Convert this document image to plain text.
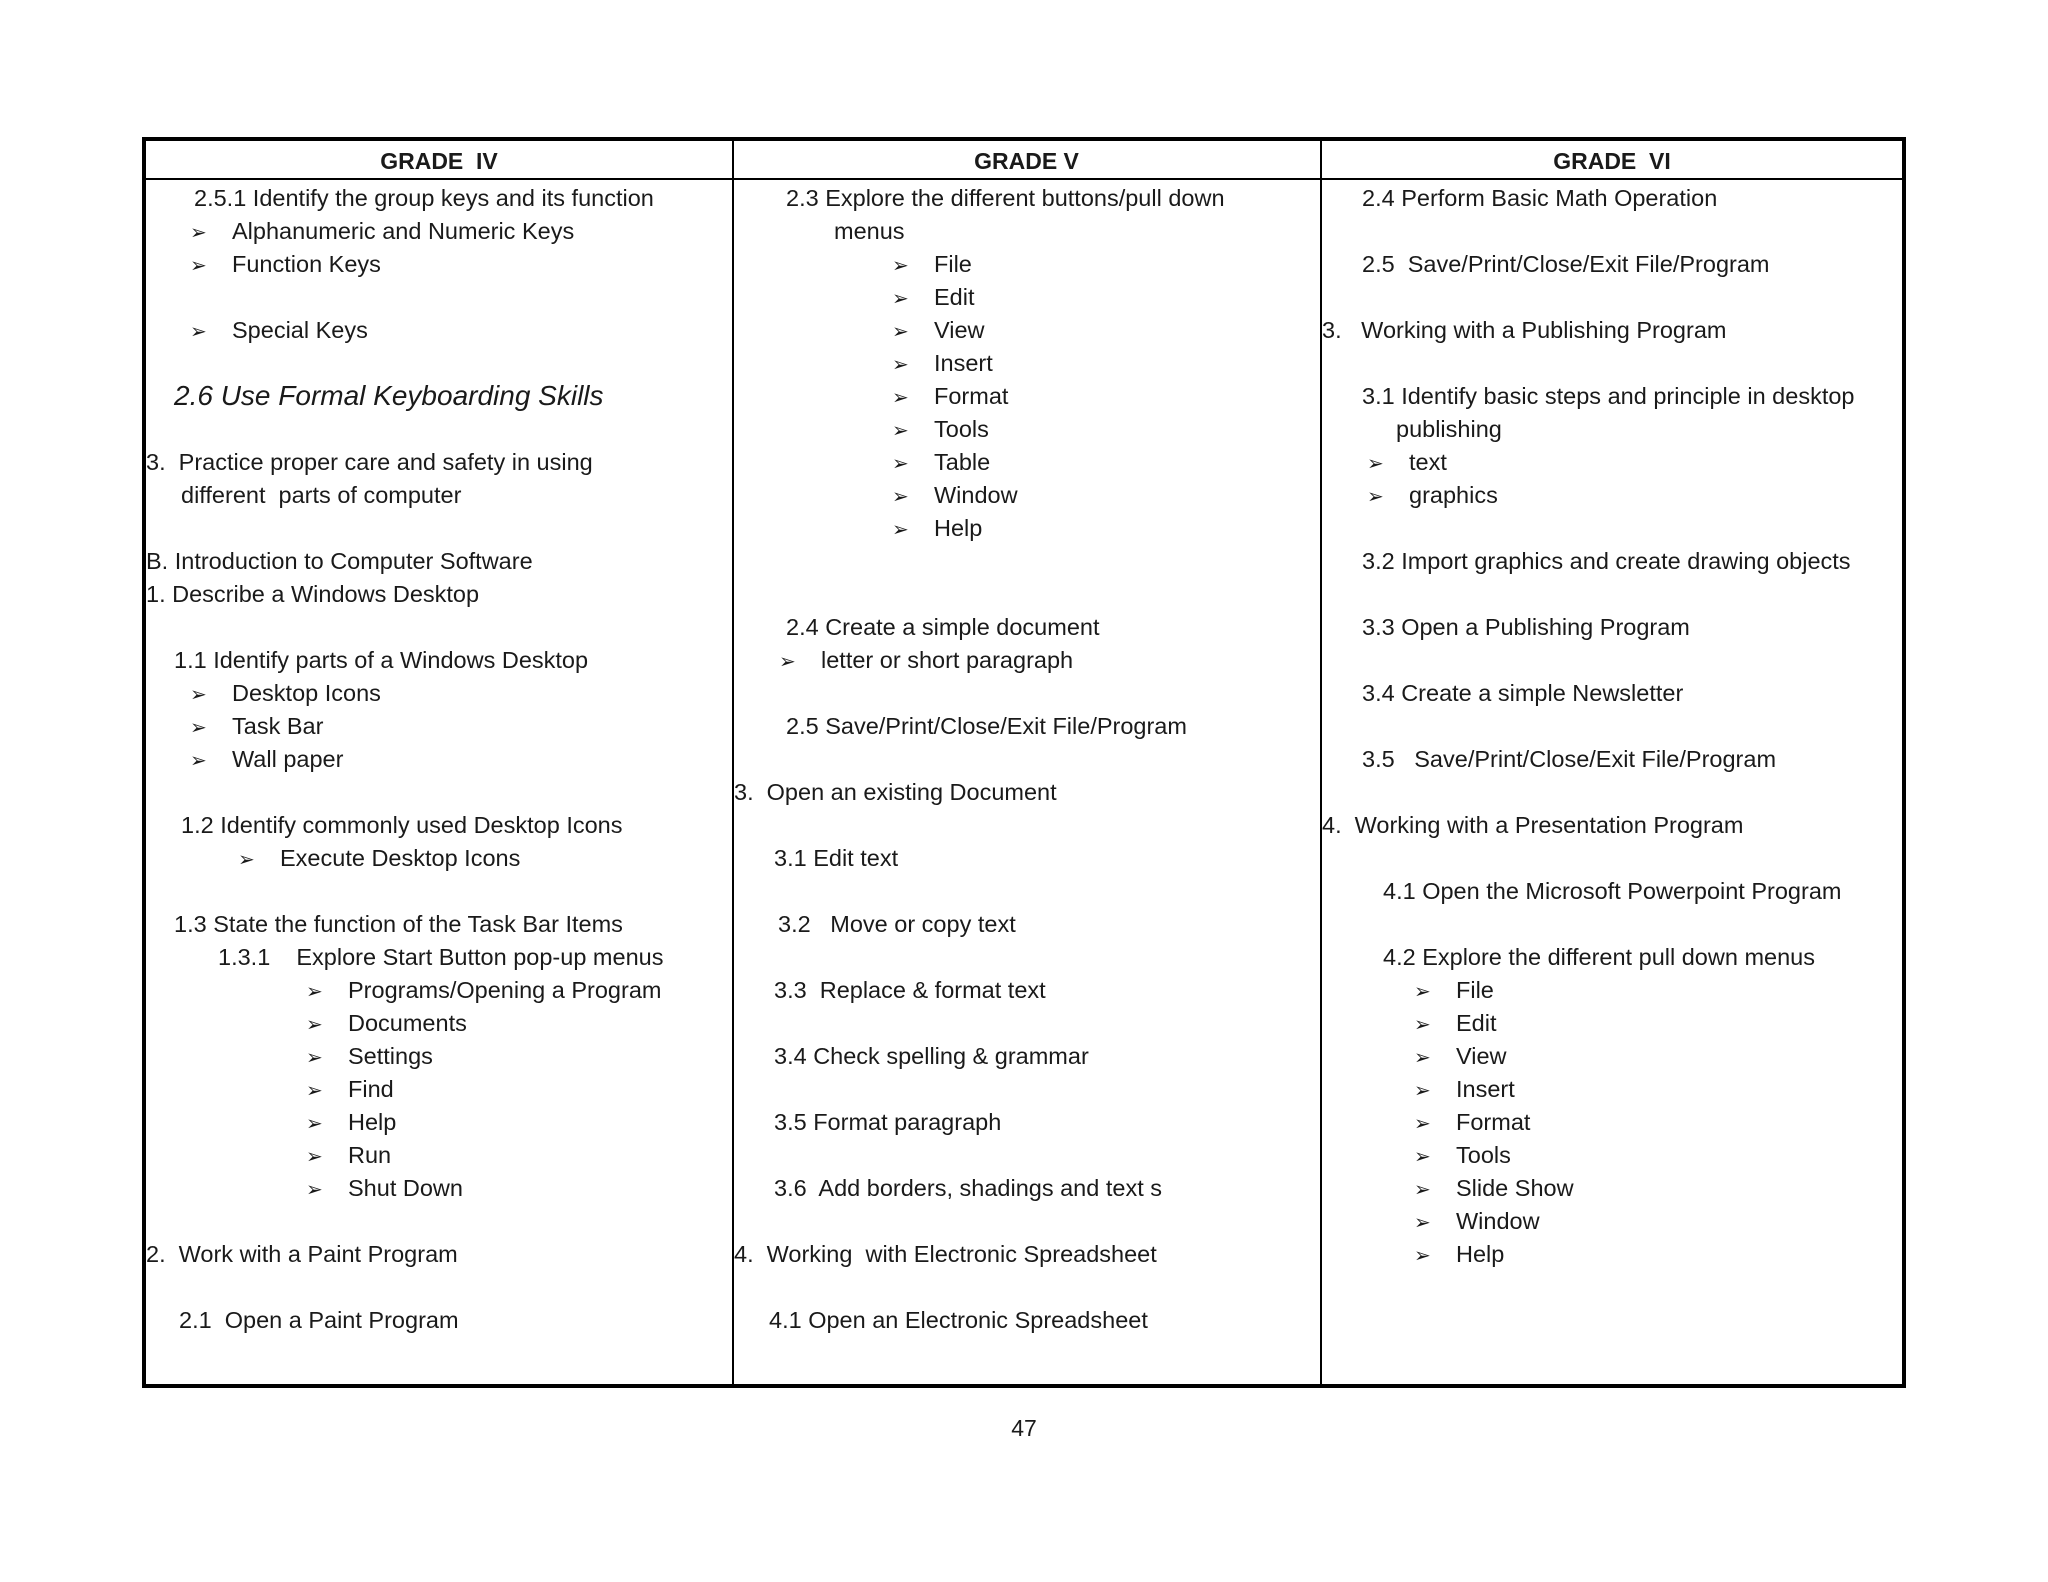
GRADE  IV	GRADE V	GRADE  VI
2.5.1 Identify the group keys and its function
➢ Alphanumeric and Numeric Keys
➢ Function Keys
➢ Special Keys
2.6 Use Formal Keyboarding Skills
3.  Practice proper care and safety in using
different  parts of computer
B. Introduction to Computer Software
1. Describe a Windows Desktop
1.1 Identify parts of a Windows Desktop
➢ Desktop Icons
➢ Task Bar
➢ Wall paper
1.2 Identify commonly used Desktop Icons
➢ Execute Desktop Icons
1.3 State the function of the Task Bar Items
1.3.1    Explore Start Button pop-up menus
➢ Programs/Opening a Program
➢ Documents
➢ Settings
➢ Find
➢ Help
➢ Run
➢ Shut Down
2.  Work with a Paint Program
2.1  Open a Paint Program
2.3 Explore the different buttons/pull down
menus
➢ File
➢ Edit
➢ View
➢ Insert
➢ Format
➢ Tools
➢ Table
➢ Window
➢ Help
2.4 Create a simple document
➢ letter or short paragraph
2.5 Save/Print/Close/Exit File/Program
3.  Open an existing Document
3.1 Edit text
3.2   Move or copy text
3.3  Replace & format text
3.4 Check spelling & grammar
3.5 Format paragraph
3.6  Add borders, shadings and text s
4.  Working  with Electronic Spreadsheet
4.1 Open an Electronic Spreadsheet
2.4 Perform Basic Math Operation
2.5  Save/Print/Close/Exit File/Program
3.   Working with a Publishing Program
3.1 Identify basic steps and principle in desktop
publishing
➢ text
➢ graphics
3.2 Import graphics and create drawing objects
3.3 Open a Publishing Program
3.4 Create a simple Newsletter
3.5   Save/Print/Close/Exit File/Program
4.  Working with a Presentation Program
4.1 Open the Microsoft Powerpoint Program
4.2 Explore the different pull down menus
➢ File
➢ Edit
➢ View
➢ Insert
➢ Format
➢ Tools
➢ Slide Show
➢ Window
➢ Help
47
